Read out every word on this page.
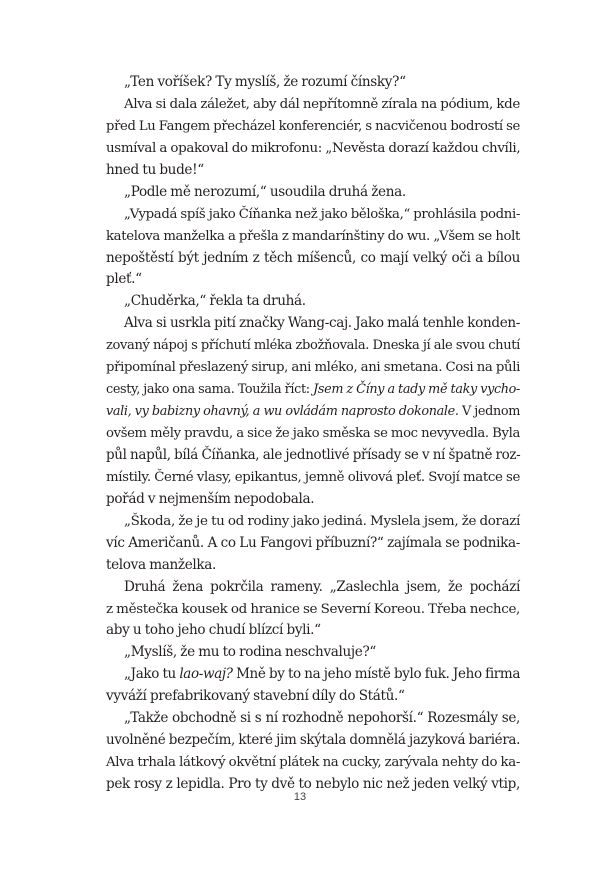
„Ten voříšek? Ty myslíš, že rozumí čínsky?“
Alva si dala záležet, aby dál nepřítomně zírala na pódium, kde
před Lu Fangem přecházel konferenciér, s nacvičenou bodrostí se
usmíval a opakoval do mikrofonu: „Nevěsta dorazí každou chvíli,
hned tu bude!“
„Podle mě nerozumí,“ usoudila druhá žena.
„Vypadá spíš jako Číňanka než jako běloška,“ prohlásila podni-
katelova manželka a přešla z mandarínštiny do wu. „Všem se holt
nepoštěstí být jedním z těch míšenců, co mají velký oči a bílou
pleť.“
„Chuděrka,“ řekla ta druhá.
Alva si usrkla pití značky Wang-caj. Jako malá tenhle konden-
zovaný nápoj s příchutí mléka zbožňovala. Dneska jí ale svou chutí
připomínal přeslazený sirup, ani mléko, ani smetana. Cosi na půli
cesty, jako ona sama. Toužila říct: Jsem z Číny a tady mě taky vycho-
vali, vy babizny ohavný, a wu ovládám naprosto dokonale. V jednom
ovšem měly pravdu, a sice že jako směska se moc nevyvedla. Byla
půl napůl, bílá Číňanka, ale jednotlivé přísady se v ní špatně roz-
místily. Černé vlasy, epikantus, jemně olivová pleť. Svojí matce se
pořád v nejmenším nepodobala.
„Škoda, že je tu od rodiny jako jediná. Myslela jsem, že dorazí
víc Američanů. A co Lu Fangovi příbuzní?“ zajímala se podnika-
telova manželka.
Druhá žena pokrčila rameny. „Zaslechla jsem, že pochází
z městečka kousek od hranice se Severní Koreou. Třeba nechce,
aby u toho jeho chudí blízcí byli.“
„Myslíš, že mu to rodina neschvaluje?“
„Jako tu lao-waj? Mně by to na jeho místě bylo fuk. Jeho firma
vyváží prefabrikovaný stavební díly do Států.“
„Takže obchodně si s ní rozhodně nepohorší.“ Rozesmály se,
uvolněné bezpečím, které jim skýtala domnělá jazyková bariéra.
Alva trhala látkový okvětní plátek na cucky, zarývala nehty do ka-
pek rosy z lepidla. Pro ty dvě to nebylo nic než jeden velký vtip,
13
